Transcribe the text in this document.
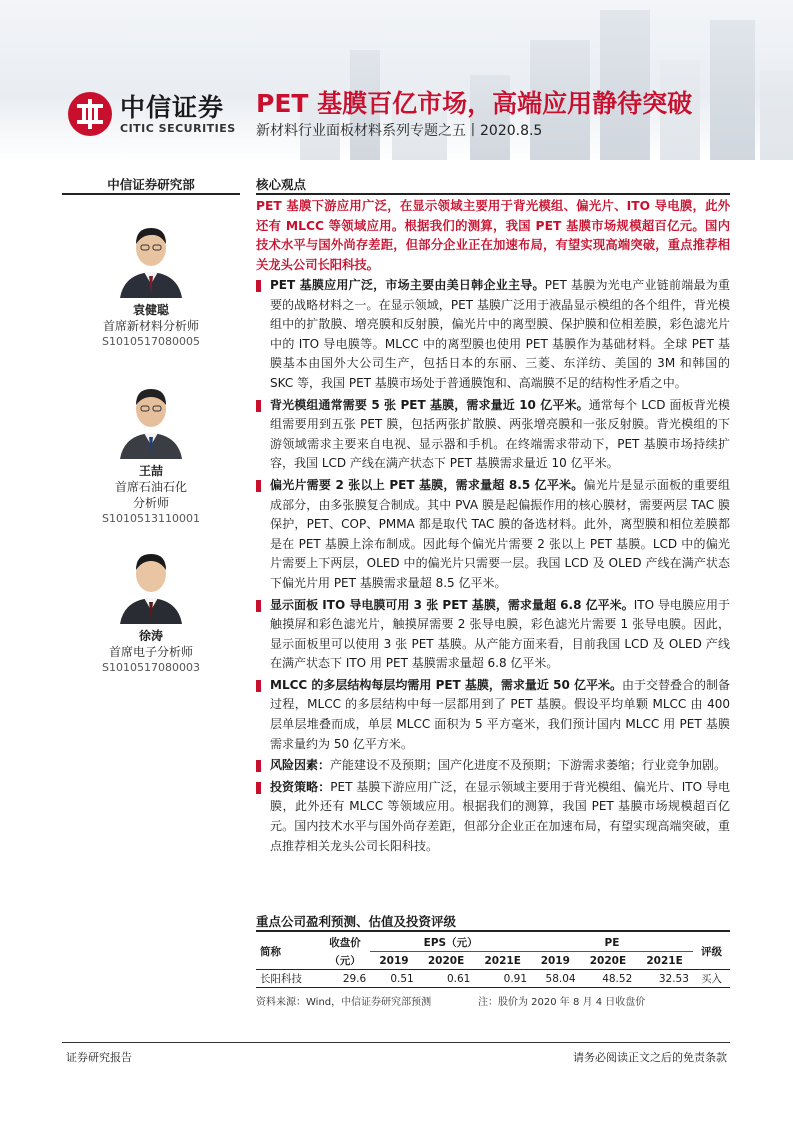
中信证券
CITIC SECURITIES
PET 基膜百亿市场，高端应用静待突破
新材料行业面板材料系列专题之五丨2020.8.5
中信证券研究部
袁健聪
首席新材料分析师
S1010517080005
王喆
首席石油石化
分析师
S1010513110001
徐涛
首席电子分析师
S1010517080003
核心观点
PET 基膜下游应用广泛，在显示领域主要用于背光模组、偏光片、ITO 导电膜，此外还有 MLCC 等领域应用。根据我们的测算，我国 PET 基膜市场规模超百亿元。国内技术水平与国外尚存差距，但部分企业正在加速布局，有望实现高端突破，重点推荐相关龙头公司长阳科技。
PET 基膜应用广泛，市场主要由美日韩企业主导。PET 基膜为光电产业链前端最为重要的战略材料之一。在显示领域，PET 基膜广泛用于液晶显示模组的各个组件，背光模组中的扩散膜、增亮膜和反射膜，偏光片中的离型膜、保护膜和位相差膜，彩色滤光片中的 ITO 导电膜等。MLCC 中的离型膜也使用 PET 基膜作为基础材料。全球 PET 基膜基本由国外大公司生产，包括日本的东丽、三菱、东洋纺、美国的 3M 和韩国的 SKC 等，我国 PET 基膜市场处于普通膜饱和、高端膜不足的结构性矛盾之中。
背光模组通常需要 5 张 PET 基膜，需求量近 10 亿平米。通常每个 LCD 面板背光模组需要用到五张 PET 膜，包括两张扩散膜、两张增亮膜和一张反射膜。背光模组的下游领域需求主要来自电视、显示器和手机。在终端需求带动下，PET 基膜市场持续扩容，我国 LCD 产线在满产状态下 PET 基膜需求量近 10 亿平米。
偏光片需要 2 张以上 PET 基膜，需求量超 8.5 亿平米。偏光片是显示面板的重要组成部分，由多张膜复合制成。其中 PVA 膜是起偏振作用的核心膜材，需要两层 TAC 膜保护，PET、COP、PMMA 都是取代 TAC 膜的备选材料。此外，离型膜和相位差膜都是在 PET 基膜上涂布制成。因此每个偏光片需要 2 张以上 PET 基膜。LCD 中的偏光片需要上下两层，OLED 中的偏光片只需要一层。我国 LCD 及 OLED 产线在满产状态下偏光片用 PET 基膜需求量超 8.5 亿平米。
显示面板 ITO 导电膜可用 3 张 PET 基膜，需求量超 6.8 亿平米。ITO 导电膜应用于触摸屏和彩色滤光片，触摸屏需要 2 张导电膜，彩色滤光片需要 1 张导电膜。因此，显示面板里可以使用 3 张 PET 基膜。从产能方面来看，目前我国 LCD 及 OLED 产线在满产状态下 ITO 用 PET 基膜需求量超 6.8 亿平米。
MLCC 的多层结构每层均需用 PET 基膜，需求量近 50 亿平米。由于交替叠合的制备过程，MLCC 的多层结构中每一层都用到了 PET 基膜。假设平均单颗 MLCC 由 400 层单层堆叠而成，单层 MLCC 面积为 5 平方毫米，我们预计国内 MLCC 用 PET 基膜需求量约为 50 亿平方米。
风险因素：产能建设不及预期；国产化进度不及预期；下游需求萎缩；行业竞争加剧。
投资策略：PET 基膜下游应用广泛，在显示领域主要用于背光模组、偏光片、ITO 导电膜，此外还有 MLCC 等领域应用。根据我们的测算，我国 PET 基膜市场规模超百亿元。国内技术水平与国外尚存差距，但部分企业正在加速布局，有望实现高端突破，重点推荐相关龙头公司长阳科技。
重点公司盈利预测、估值及投资评级
简称	收盘价	EPS（元）			PE			评级
	（元）	2019	2020E	2021E	2019	2020E	2021E	
长阳科技	29.6	0.51	0.61	0.91	58.04	48.52	32.53	买入
资料来源：Wind，中信证券研究部预测	注：股价为 2020 年 8 月 4 日收盘价
证券研究报告	请务必阅读正文之后的免责条款
